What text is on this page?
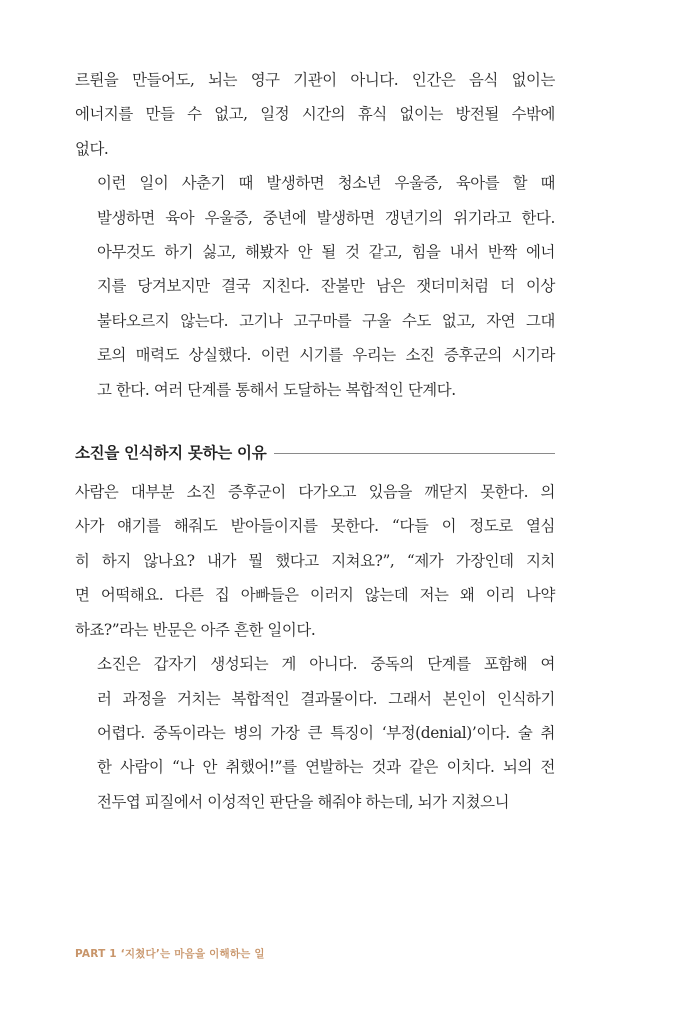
르륀을 만들어도, 뇌는 영구 기관이 아니다. 인간은 음식 없이는
에너지를 만들 수 없고, 일정 시간의 휴식 없이는 방전될 수밖에
없다.

이런 일이 사춘기 때 발생하면 청소년 우울증, 육아를 할 때
발생하면 육아 우울증, 중년에 발생하면 갱년기의 위기라고 한다.
아무것도 하기 싫고, 해봤자 안 될 것 같고, 힘을 내서 반짝 에너
지를 당겨보지만 결국 지친다. 잔불만 남은 잿더미처럼 더 이상
불타오르지 않는다. 고기나 고구마를 구울 수도 없고, 자연 그대
로의 매력도 상실했다. 이런 시기를 우리는 소진 증후군의 시기라
고 한다. 여러 단계를 통해서 도달하는 복합적인 단계다.

소진을 인식하지 못하는 이유

사람은 대부분 소진 증후군이 다가오고 있음을 깨닫지 못한다. 의
사가 얘기를 해줘도 받아들이지를 못한다. “다들 이 정도로 열심
히 하지 않나요? 내가 뭘 했다고 지쳐요?”, “제가 가장인데 지치
면 어떡해요. 다른 집 아빠들은 이러지 않는데 저는 왜 이리 나약
하죠?”라는 반문은 아주 흔한 일이다.

소진은 갑자기 생성되는 게 아니다. 중독의 단계를 포함해 여
러 과정을 거치는 복합적인 결과물이다. 그래서 본인이 인식하기
어렵다. 중독이라는 병의 가장 큰 특징이 ‘부정(denial)’이다. 술 취
한 사람이 “나 안 취했어!”를 연발하는 것과 같은 이치다. 뇌의 전
전두엽 피질에서 이성적인 판단을 해줘야 하는데, 뇌가 지쳤으니

PART 1 ‘지쳤다’는 마음을 이해하는 일
